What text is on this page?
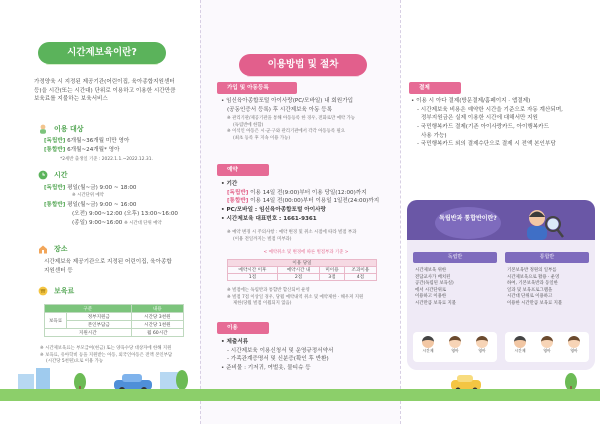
시간제보육이란?
가정양육 시 지정된 제공기관(어린이집, 육아종합지원센터
등)을 시간(또는 시간대) 단위로 이용하고 이용한 시간만큼
보육료를 지불하는 보육서비스
이용 대상
[독립반] 6개월~36개월 미만 영아
[통합반] 6개월~24개월* 영아
*2세반 출생일 기준 : 2022.1.1.~2022.12.31.
시간
[독립반] 평일(월~금) 9:00 ~ 18:00
※ 시간단위 예약
[통합반] 평일(월~금) 9:00 ~ 16:00
(오전) 9:00~12:00 (오후) 13:00~16:00
(종일) 9:00~16:00 ※ 시간대 단위 예약
장소
시간제보육 제공기관으로 지정된 어린이집, 육아종합
지원센터 등
₩ 보육료
구분		내용
보육료	정부지원금	시간당 3천원
	본인부담금	시간당 1천원
지원시간		월 60시간
※ 시간제보육료는 부모급여(현금) 또는 양육수당 대상자에 한해 지원
※ 보육료, 유아학비 등을 지원받는 아동, 외국인아동은 전액 본인부담
(시간당 5천원)으로 이용 가능
이용방법 및 절차
가입 및 아동등록
• 임신육아종합포털 아이사랑(PC/모바일) 내 회원가입
(공동인증서 등록) 후 시간제보육 아동 등록
※ 관리기관/제공기관을 통해 아동등록 한 경우, 전화로만 예약 가능
(독립반에 한함)
※ 이석인 아동은 시·군·구와 관리기관에서 각각 아동등록 필요
(최초 등록 후 지속 이용 가능)
예약
• 기간
[독립반] 이용 14일 전(9:00)부터 이용 당일(12:00)까지
[통합반] 이용 14일 전(00:00)부터 이용일 1일전(24:00)까지
• PC/모바일 : 임신육아종합포털 아이사랑
• 시간제보육 대표번호 : 1661-9361
※ 예약 변경 시 주의사항 : 예약 변경 및 취소 시점에 따라 벌점 부과
(이용 전일까지는 벌점 미부과)
< 예약취소 및 변경에 따른 벌점부과 기준 >
이용 당일			
예약시간 이후	예약시간 내	미이용	조과이용
1점	2점	3점	4점
※ 벌점에는 독립반과 통합반 합산되어 운영
※ 벌점 7점 이상일 경우, 당월 예약내역 취소 및 예약제한 · 해우져 지원
제한(당월 벌점 이월되지 않음)
이용
• 제출서류
- 시간제보육 이용신청서 및 운영규정서약서
- 가족관계증명서 및 신분증(확인 후 반환)
• 준비물 : 기저귀, 여벌옷, 물티슈 등
결제
• 이용 시 아다 결제(방문결제/홈페이지 · 앱결제)
- 시간제보육 비용은 예약한 시간을 기준으로 자동 계산되며,
정부지원금은 실제 이용한 시간에 대해서만 지원
- 국민행복카드 결제(기존 아이사랑카드, 아이행복카드
사용 가능)
- 국민행복카드 외의 결제수단으로 결제 시 전액 본인부담
독립반과 통합반이란?
독립반	통합반
시간제보육 위한
전담교사가 배치된
공간(독립된 보육실)
에서 시간단위로
이용하고 이용한
시간만큼 보육료 지불
기본보육반 정원의 일부를
시간제보육으로 활용 · 운영
하여, 기본보육반과 동일한
일과 및 보육프로그램을
시간대 단위로 이용하고
이용한 시간만큼 보육료 지불
시간제	영아	영아	시간제	영아	영아
